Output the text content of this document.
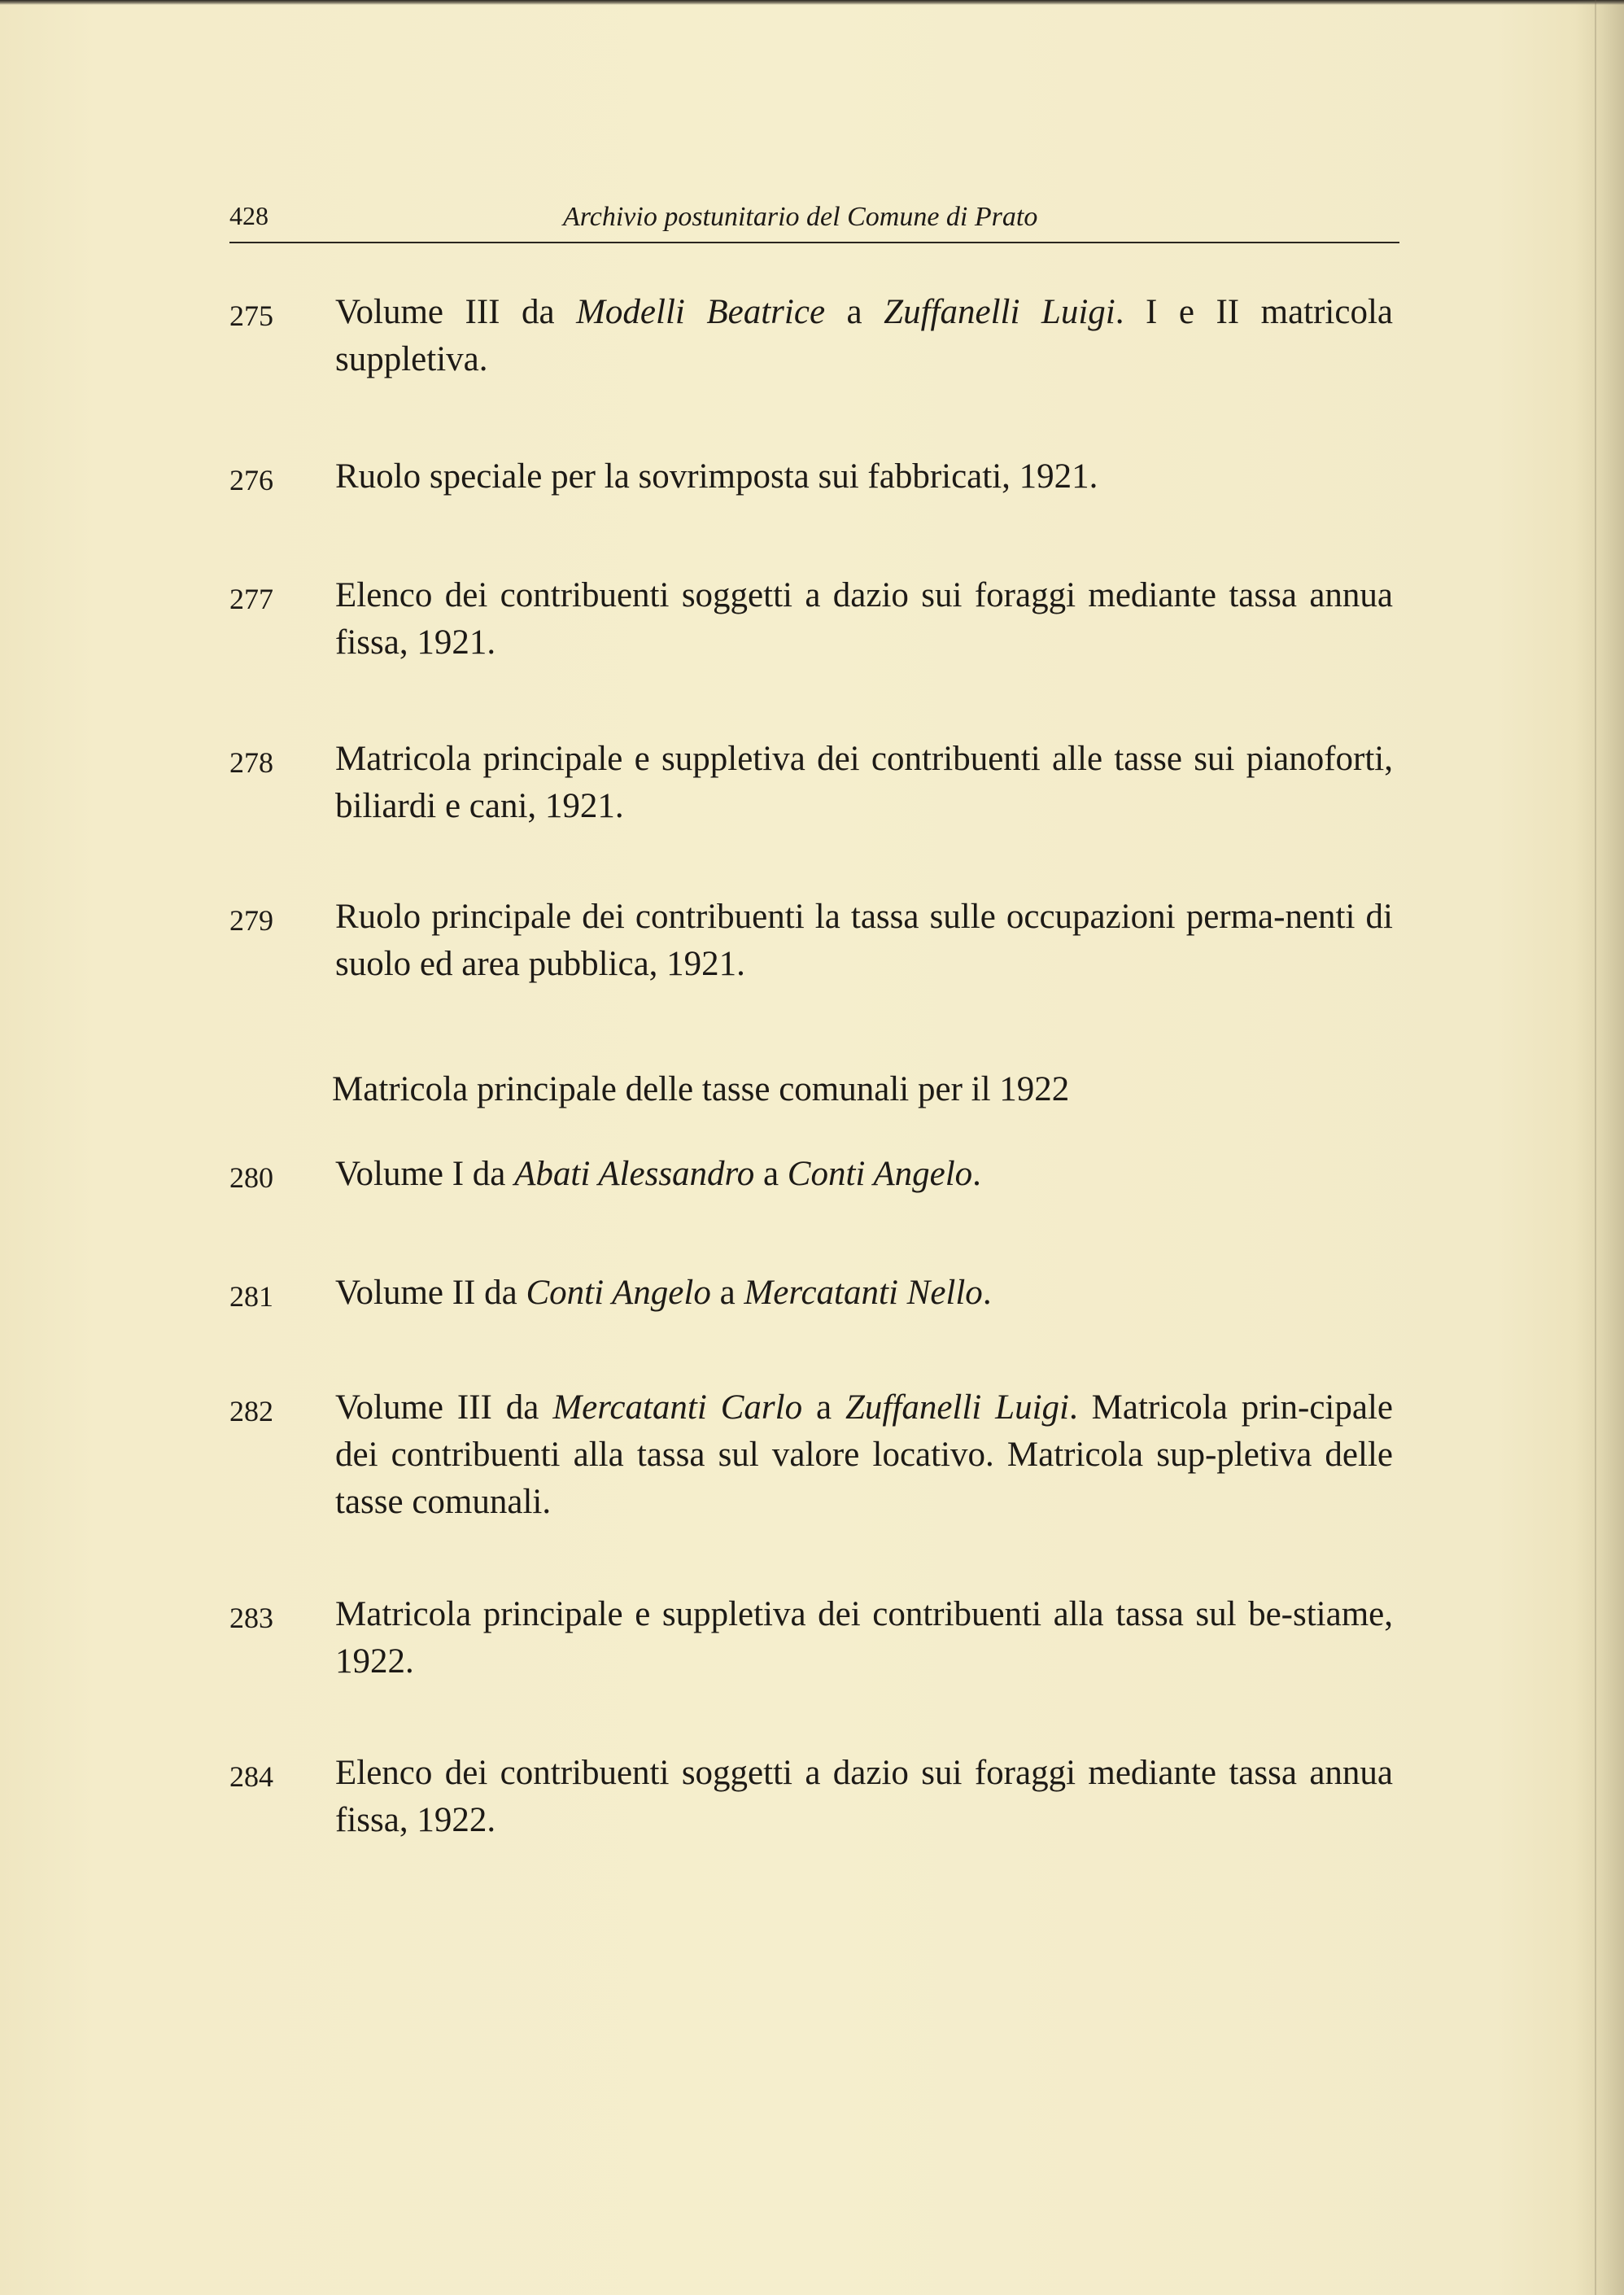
428	Archivio postunitario del Comune di Prato
275	Volume III da Modelli Beatrice a Zuffanelli Luigi. I e II matricola suppletiva.
276	Ruolo speciale per la sovrimposta sui fabbricati, 1921.
277	Elenco dei contribuenti soggetti a dazio sui foraggi mediante tassa annua fissa, 1921.
278	Matricola principale e suppletiva dei contribuenti alle tasse sui pianoforti, biliardi e cani, 1921.
279	Ruolo principale dei contribuenti la tassa sulle occupazioni perma-nenti di suolo ed area pubblica, 1921.
Matricola principale delle tasse comunali per il 1922
280	Volume I da Abati Alessandro a Conti Angelo.
281	Volume II da Conti Angelo a Mercatanti Nello.
282	Volume III da Mercatanti Carlo a Zuffanelli Luigi. Matricola prin-cipale dei contribuenti alla tassa sul valore locativo. Matricola sup-pletiva delle tasse comunali.
283	Matricola principale e suppletiva dei contribuenti alla tassa sul be-stiame, 1922.
284	Elenco dei contribuenti soggetti a dazio sui foraggi mediante tassa annua fissa, 1922.
